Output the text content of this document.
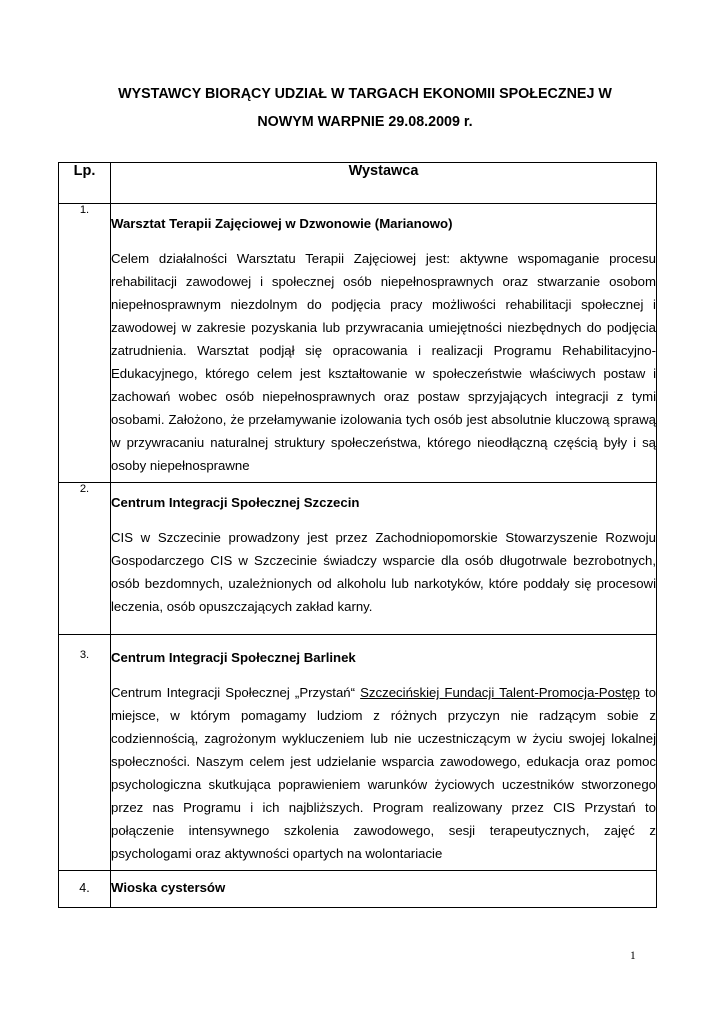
WYSTAWCY BIORĄCY UDZIAŁ W TARGACH EKONOMII SPOŁECZNEJ W
NOWYM WARPNIE 29.08.2009 r.
Lp.	Wystawca
1.	Warsztat Terapii Zajęciowej w Dzwonowie (Marianowo)

Celem działalności Warsztatu Terapii Zajęciowej jest: aktywne wspomaganie procesu rehabilitacji zawodowej i społecznej osób niepełnosprawnych oraz stwarzanie osobom niepełnosprawnym niezdolnym do podjęcia pracy możliwości rehabilitacji społecznej i zawodowej w zakresie pozyskania lub przywracania umiejętności niezbędnych do podjęcia zatrudnienia. Warsztat podjął się opracowania i realizacji Programu Rehabilitacyjno-Edukacyjnego, którego celem jest kształtowanie w społeczeństwie właściwych postaw i zachowań wobec osób niepełnosprawnych oraz postaw sprzyjających integracji z tymi osobami. Założono, że przełamywanie izolowania tych osób jest absolutnie kluczową sprawą w przywracaniu naturalnej struktury społeczeństwa, którego nieodłączną częścią były i są osoby niepełnosprawne

2.	Centrum Integracji Społecznej Szczecin

CIS w Szczecinie prowadzony jest przez Zachodniopomorskie Stowarzyszenie Rozwoju Gospodarczego CIS w Szczecinie świadczy wsparcie dla osób długotrwale bezrobotnych, osób bezdomnych, uzależnionych od alkoholu lub narkotyków, które poddały się procesowi leczenia, osób opuszczających zakład karny.

3.	Centrum Integracji Społecznej Barlinek

Centrum Integracji Społecznej „Przystań“ Szczecińskiej Fundacji Talent-Promocja-Postęp to miejsce, w którym pomagamy ludziom z różnych przyczyn nie radzącym sobie z codziennością, zagrożonym wykluczeniem lub nie uczestniczącym w życiu swojej lokalnej społeczności. Naszym celem jest udzielanie wsparcia zawodowego, edukacja oraz pomoc psychologiczna skutkująca poprawieniem warunków życiowych uczestników stworzonego przez nas Programu i ich najbliższych. Program realizowany przez CIS Przystań to połączenie intensywnego szkolenia zawodowego, sesji terapeutycznych, zajęć z psychologami oraz aktywności opartych na wolontariacie

4.	Wioska cystersów

1
